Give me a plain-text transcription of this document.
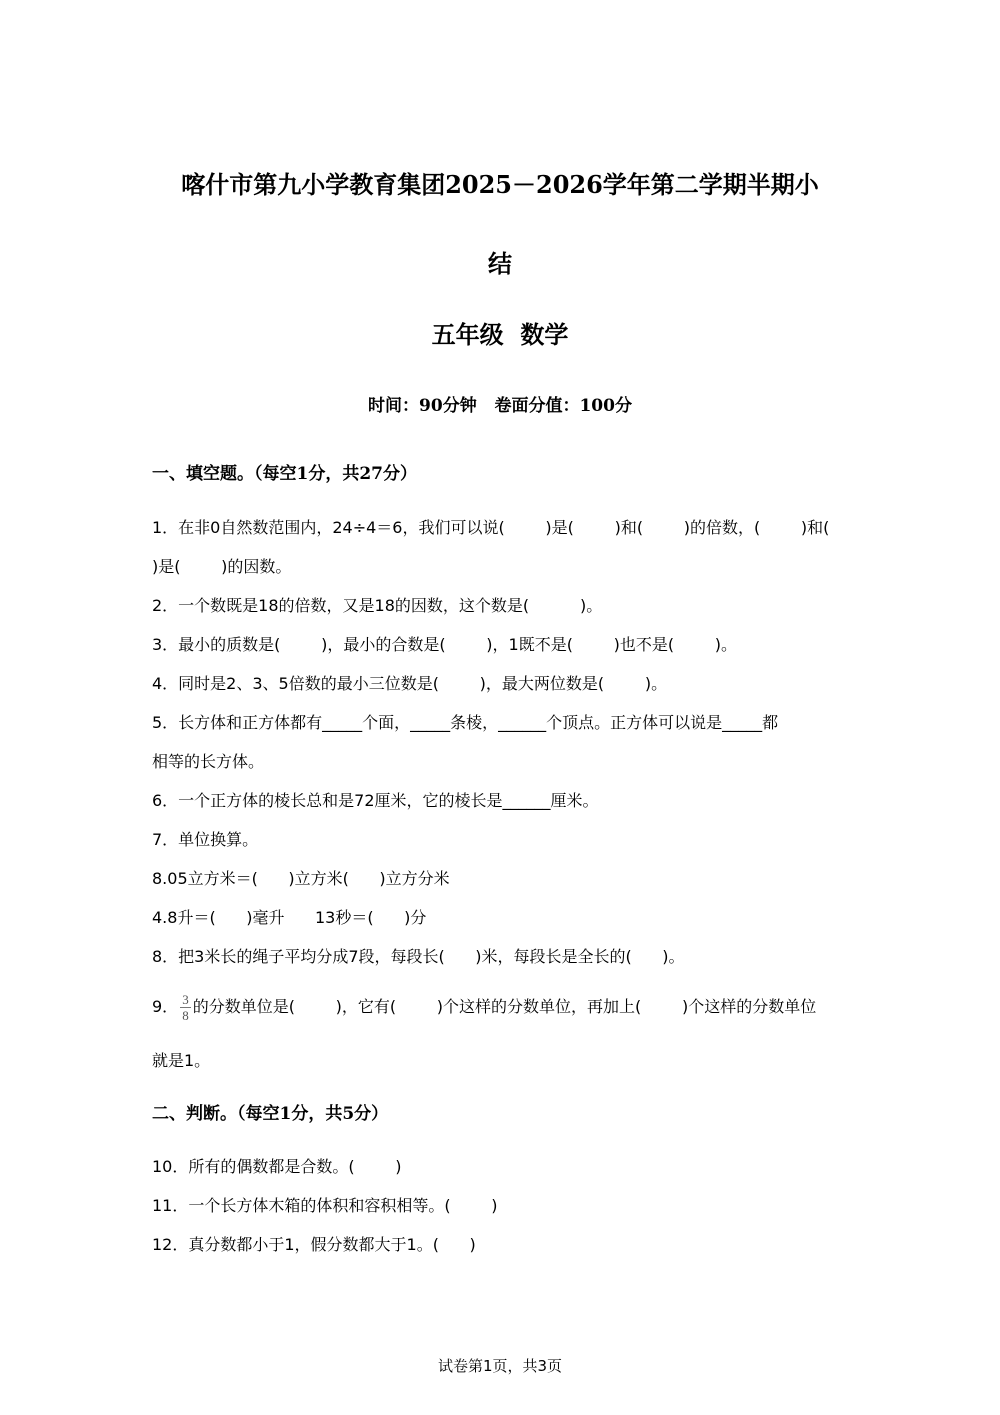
喀什市第九小学教育集团2025－2026学年第二学期半期小
结
五年级  数学
时间：90分钟   卷面分值：100分
一、填空题。（每空1分，共27分）
1．在非0自然数范围内，24÷4＝6，我们可以说(        )是(        )和(        )的倍数，(        )和(
)是(        )的因数。
2．一个数既是18的倍数，又是18的因数，这个数是(          )。
3．最小的质数是(        )，最小的合数是(        )，1既不是(        )也不是(        )。
4．同时是2、3、5倍数的最小三位数是(        )，最大两位数是(        )。
5．长方体和正方体都有_____个面，_____条棱，______个顶点。正方体可以说是_____都
相等的长方体。
6．一个正方体的棱长总和是72厘米，它的棱长是______厘米。
7．单位换算。
8.05立方米＝(      )立方米(      )立方分米
4.8升＝(      )毫升      13秒＝(      )分
8．把3米长的绳子平均分成7段，每段长(      )米，每段长是全长的(      )。
9． $\frac{3}{8}$ 的分数单位是(        )，它有(        )个这样的分数单位，再加上(        )个这样的分数单位
就是1。
二、判断。（每空1分，共5分）
10．所有的偶数都是合数。(        )
11．一个长方体木箱的体积和容积相等。(        )
12．真分数都小于1，假分数都大于1。(      )
试卷第1页，共3页
